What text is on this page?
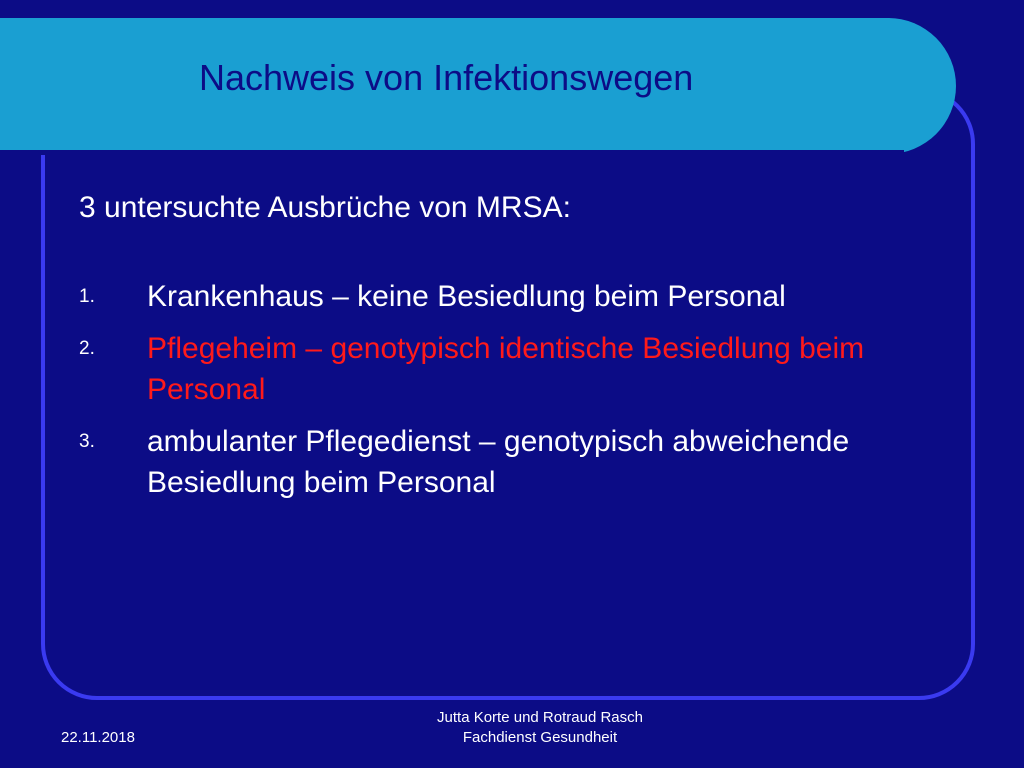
Nachweis von Infektionswegen

3 untersuchte Ausbrüche von MRSA:

1. Krankenhaus – keine Besiedlung beim Personal
2. Pflegeheim – genotypisch identische Besiedlung beim Personal
3. ambulanter Pflegedienst – genotypisch abweichende Besiedlung beim Personal
22.11.2018
Jutta Korte und Rotraud Rasch
Fachdienst Gesundheit
